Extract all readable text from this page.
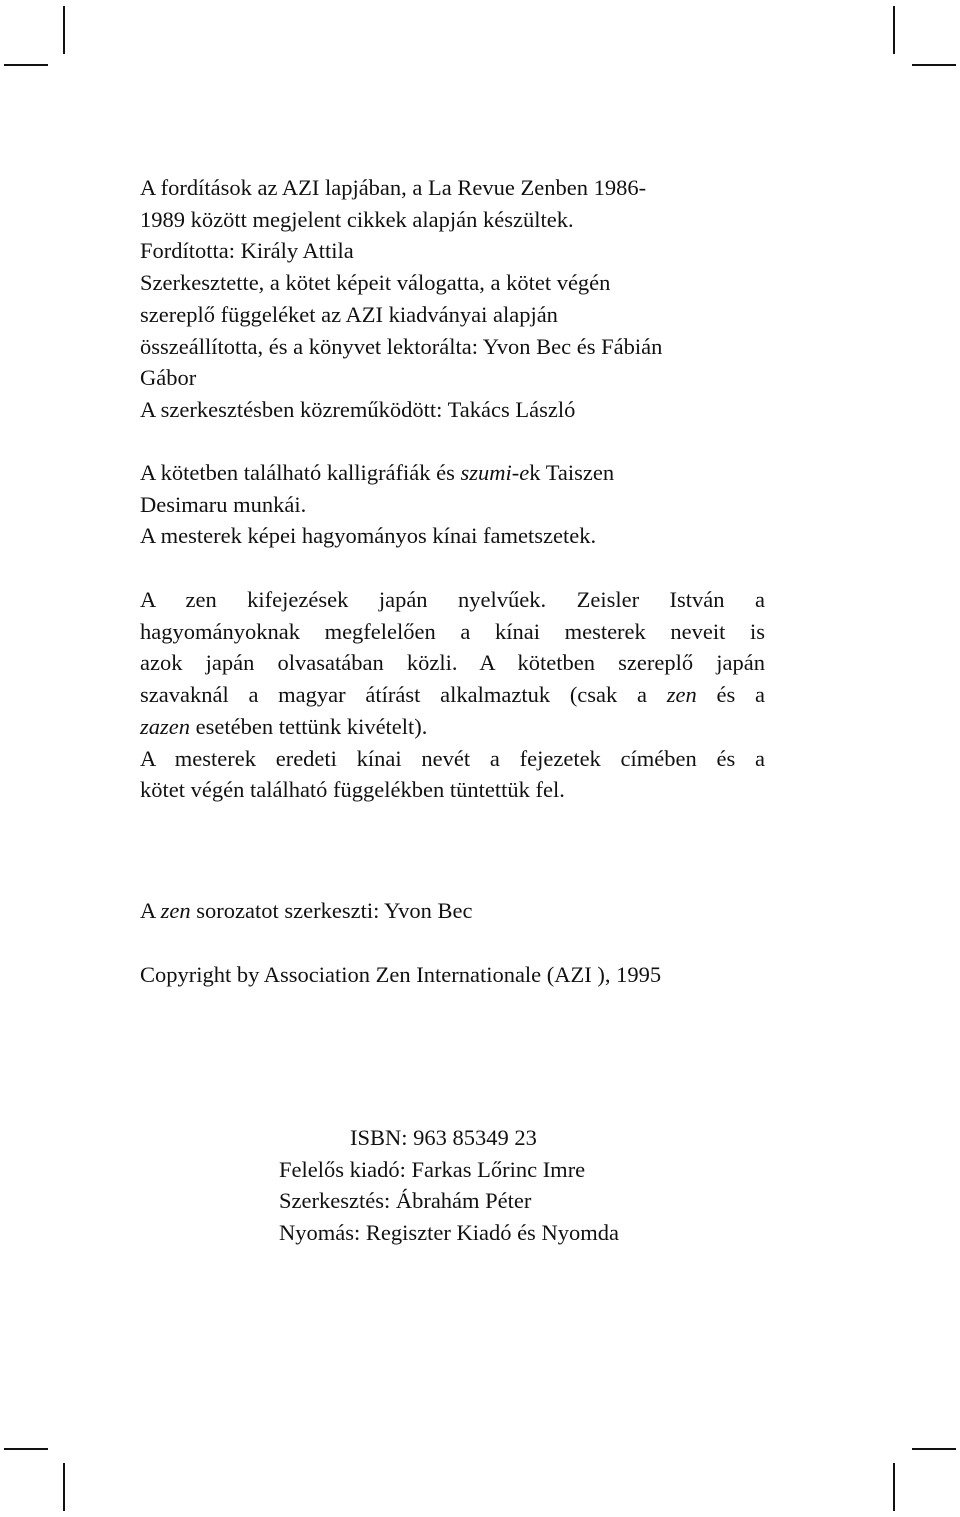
A fordítások az AZI lapjában, a La Revue Zenben 1986-
1989 között megjelent cikkek alapján készültek.
Fordította: Király Attila
Szerkesztette, a kötet képeit válogatta, a kötet végén
szereplő függeléket az AZI kiadványai alapján
összeállította, és a könyvet lektorálta: Yvon Bec és Fábián
Gábor
A szerkesztésben közreműködött: Takács László
A kötetben található kalligráfiák és szumi-ek Taiszen
Desimaru munkái.
A mesterek képei hagyományos kínai fametszetek.
A zen kifejezések japán nyelvűek. Zeisler István a
hagyományoknak megfelelően a kínai mesterek neveit is
azok japán olvasatában közli. A kötetben szereplő japán
szavaknál a magyar átírást alkalmaztuk (csak a zen és a
zazen esetében tettünk kivételt).
A mesterek eredeti kínai nevét a fejezetek címében és a
kötet végén található függelékben tüntettük fel.
A zen sorozatot szerkeszti: Yvon Bec
Copyright by Association Zen Internationale (AZI ), 1995
ISBN: 963 85349 23
Felelős kiadó: Farkas Lőrinc Imre
Szerkesztés: Ábrahám Péter
Nyomás: Regiszter Kiadó és Nyomda
